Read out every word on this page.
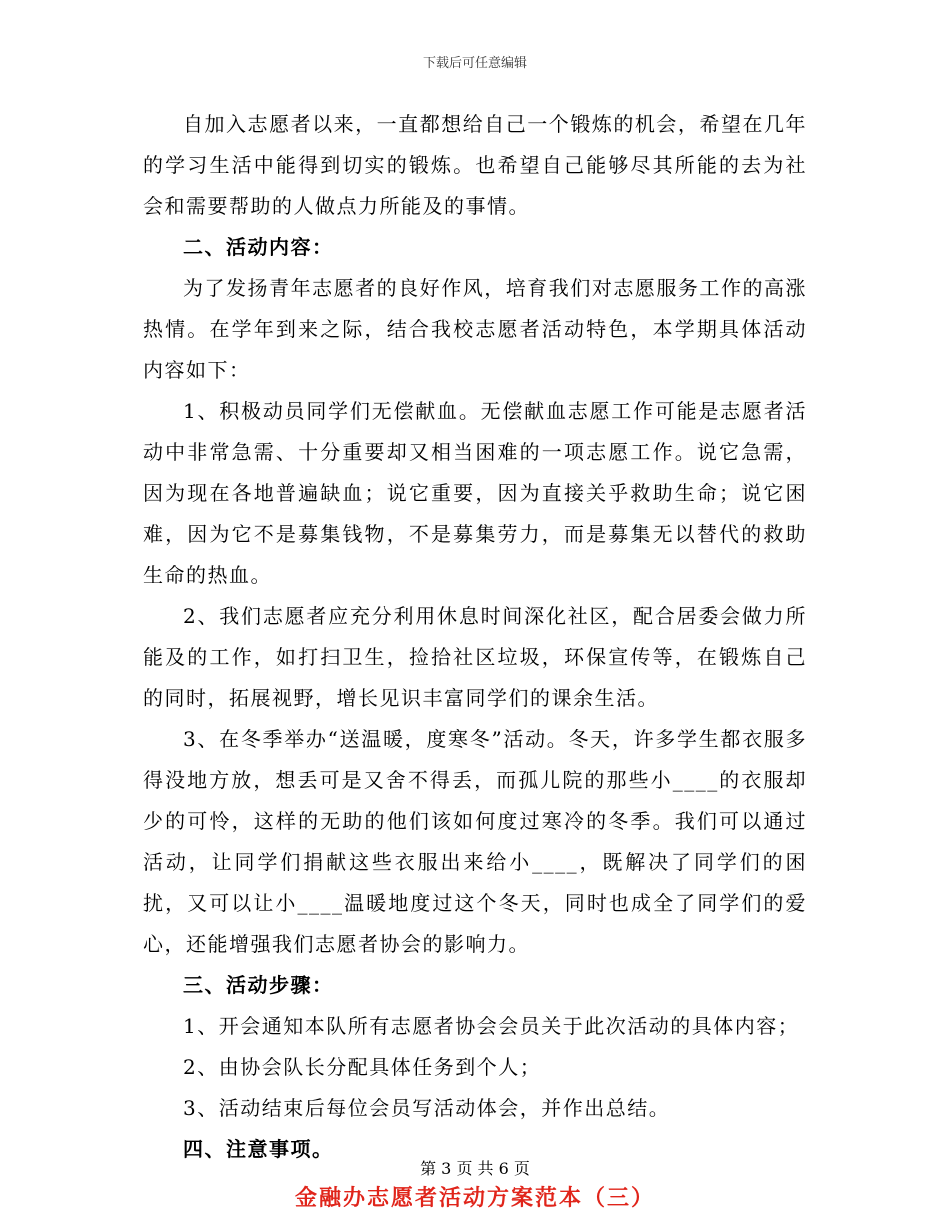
下载后可任意编辑

自加入志愿者以来，一直都想给自己一个锻炼的机会，希望在几年的学习生活中能得到切实的锻炼。也希望自己能够尽其所能的去为社会和需要帮助的人做点力所能及的事情。

二、活动内容：

为了发扬青年志愿者的良好作风，培育我们对志愿服务工作的高涨热情。在学年到来之际，结合我校志愿者活动特色，本学期具体活动内容如下：

1、积极动员同学们无偿献血。无偿献血志愿工作可能是志愿者活动中非常急需、十分重要却又相当困难的一项志愿工作。说它急需，因为现在各地普遍缺血；说它重要，因为直接关乎救助生命；说它困难，因为它不是募集钱物，不是募集劳力，而是募集无以替代的救助生命的热血。

2、我们志愿者应充分利用休息时间深化社区，配合居委会做力所能及的工作，如打扫卫生，捡拾社区垃圾，环保宣传等，在锻炼自己的同时，拓展视野，增长见识丰富同学们的课余生活。

3、在冬季举办“送温暖，度寒冬”活动。冬天，许多学生都衣服多得没地方放，想丢可是又舍不得丢，而孤儿院的那些小____的衣服却少的可怜，这样的无助的他们该如何度过寒冷的冬季。我们可以通过活动，让同学们捐献这些衣服出来给小____，既解决了同学们的困扰，又可以让小____温暖地度过这个冬天，同时也成全了同学们的爱心，还能增强我们志愿者协会的影响力。

三、活动步骤：

1、开会通知本队所有志愿者协会会员关于此次活动的具体内容；

2、由协会队长分配具体任务到个人；

3、活动结束后每位会员写活动体会，并作出总结。

四、注意事项。

金融办志愿者活动方案范本（三）

第 3 页 共 6 页
